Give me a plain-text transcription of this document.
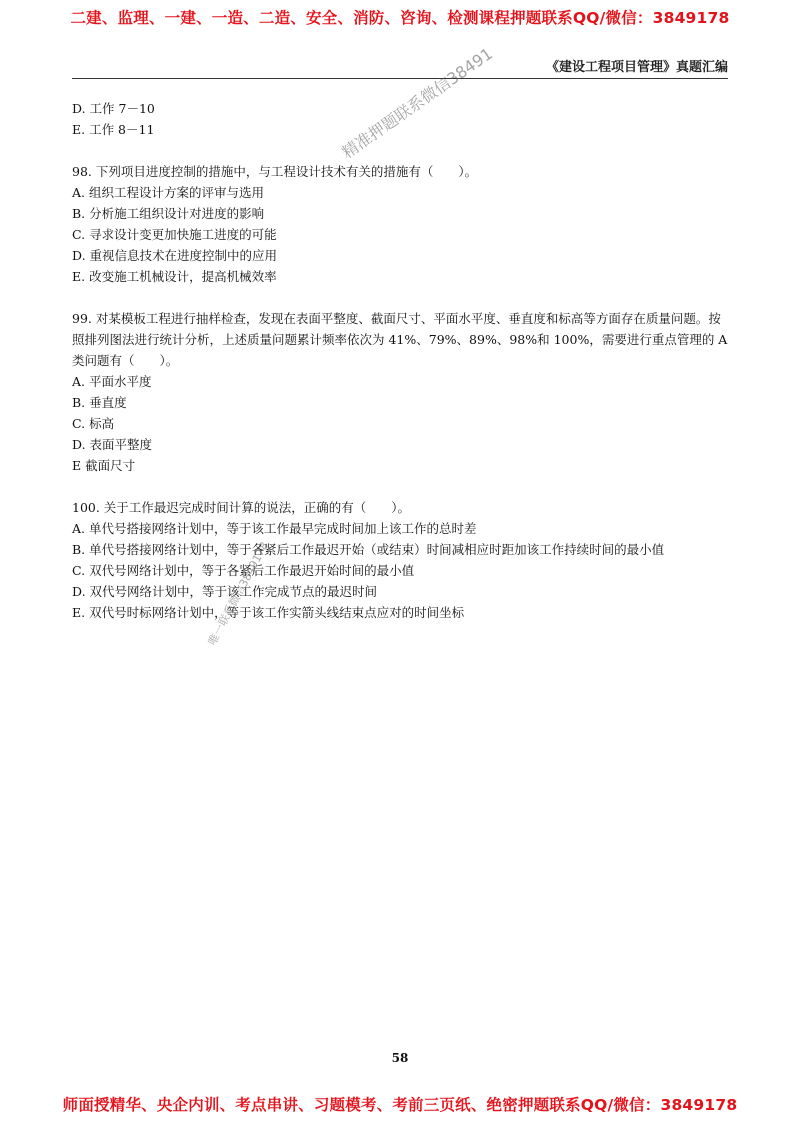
二建、监理、一建、一造、二造、安全、消防、咨询、检测课程押题联系QQ/微信：3849178
《建设工程项目管理》真题汇编
D. 工作 7－10
E. 工作 8－11
98. 下列项目进度控制的措施中，与工程设计技术有关的措施有（　　）。
A. 组织工程设计方案的评审与选用
B. 分析施工组织设计对进度的影响
C. 寻求设计变更加快施工进度的可能
D. 重视信息技术在进度控制中的应用
E. 改变施工机械设计，提高机械效率
99. 对某模板工程进行抽样检查，发现在表面平整度、截面尺寸、平面水平度、垂直度和标高等方面存在质量问题。按照排列图法进行统计分析，上述质量问题累计频率依次为 41%、79%、89%、98%和 100%，需要进行重点管理的 A 类问题有（　　）。
A. 平面水平度
B. 垂直度
C. 标高
D. 表面平整度
E 截面尺寸
100. 关于工作最迟完成时间计算的说法，正确的有（　　）。
A. 单代号搭接网络计划中，等于该工作最早完成时间加上该工作的总时差
B. 单代号搭接网络计划中，等于各紧后工作最迟开始（或结束）时间减相应时距加该工作持续时间的最小值
C. 双代号网络计划中，等于各紧后工作最迟开始时间的最小值
D. 双代号网络计划中，等于该工作完成节点的最迟时间
E. 双代号时标网络计划中，等于该工作实箭头线结束点应对的时间坐标
精准押题联系微信38491
唯一联系微信3849178
58
师面授精华、央企内训、考点串讲、习题模考、考前三页纸、绝密押题联系QQ/微信：3849178
